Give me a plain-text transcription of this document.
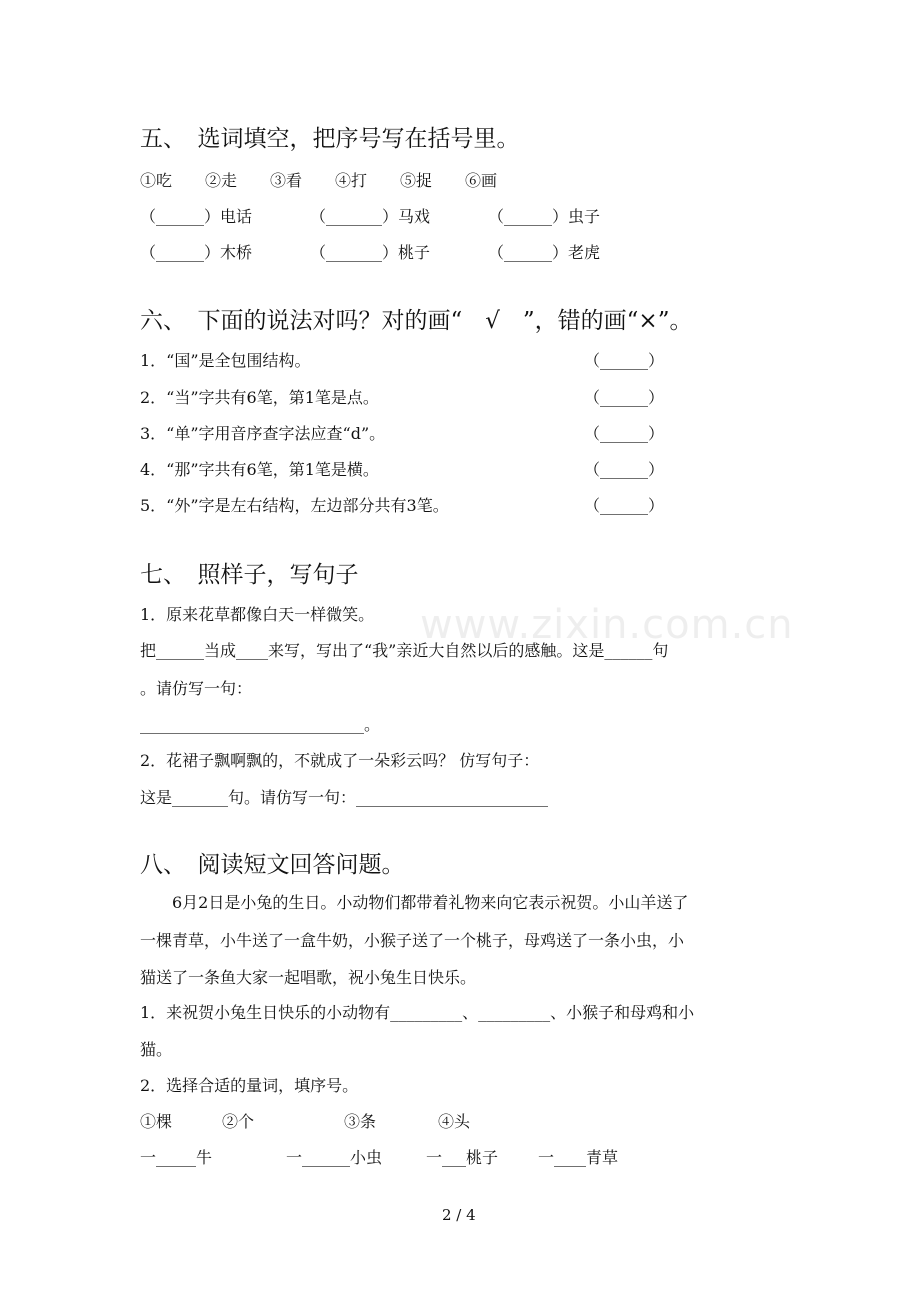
五、　选词填空，把序号写在括号里。
①吃 ②走 ③看 ④打 ⑤捉 ⑥画
（______）电话	（_______）马戏	（______）虫子
（______）木桥	（_______）桃子	（______）老虎
六、　下面的说法对吗？对的画“　√　”，错的画“×”。
1．“国”是全包围结构。	（______）
2．“当”字共有6笔，第1笔是点。	（______）
3．“单”字用音序查字法应查“d”。	（______）
4．“那”字共有6笔，第1笔是横。	（______）
5．“外”字是左右结构，左边部分共有3笔。	（______）
www.zixin.com.cn
七、　照样子，写句子
1．原来花草都像白天一样微笑。
把______当成____来写，写出了“我”亲近大自然以后的感触。这是______句
。请仿写一句：
____________________________。
2．花裙子飘啊飘的，不就成了一朵彩云吗？ 仿写句子：
这是_______句。请仿写一句：________________________
八、　阅读短文回答问题。
　　6月2日是小兔的生日。小动物们都带着礼物来向它表示祝贺。小山羊送了
一棵青草，小牛送了一盒牛奶，小猴子送了一个桃子，母鸡送了一条小虫，小
猫送了一条鱼大家一起唱歌，祝小兔生日快乐。
1．来祝贺小兔生日快乐的小动物有_________、_________、小猴子和母鸡和小
猫。
2．选择合适的量词，填序号。
①棵	②个	③条	④头
一_____牛	一______小虫	一___桃子 一____青草
2 / 4
